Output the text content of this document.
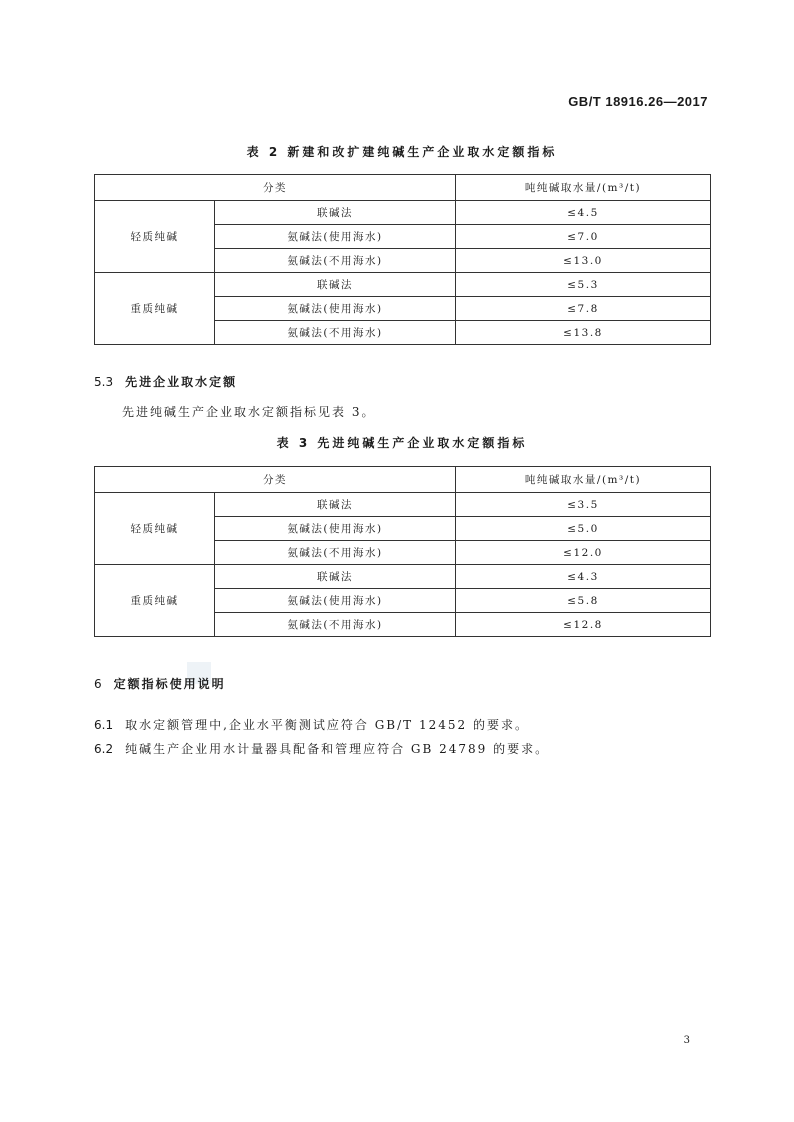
GB/T 18916.26—2017
表 2 新建和改扩建纯碱生产企业取水定额指标
分类		吨纯碱取水量/(m³/t)
轻质纯碱	联碱法	≤4.5
	氨碱法(使用海水)	≤7.0
	氨碱法(不用海水)	≤13.0
重质纯碱	联碱法	≤5.3
	氨碱法(使用海水)	≤7.8
	氨碱法(不用海水)	≤13.8
5.3 先进企业取水定额
先进纯碱生产企业取水定额指标见表 3。
表 3 先进纯碱生产企业取水定额指标
分类		吨纯碱取水量/(m³/t)
轻质纯碱	联碱法	≤3.5
	氨碱法(使用海水)	≤5.0
	氨碱法(不用海水)	≤12.0
重质纯碱	联碱法	≤4.3
	氨碱法(使用海水)	≤5.8
	氨碱法(不用海水)	≤12.8
6 定额指标使用说明
6.1 取水定额管理中,企业水平衡测试应符合 GB/T 12452 的要求。
6.2 纯碱生产企业用水计量器具配备和管理应符合 GB 24789 的要求。
3
